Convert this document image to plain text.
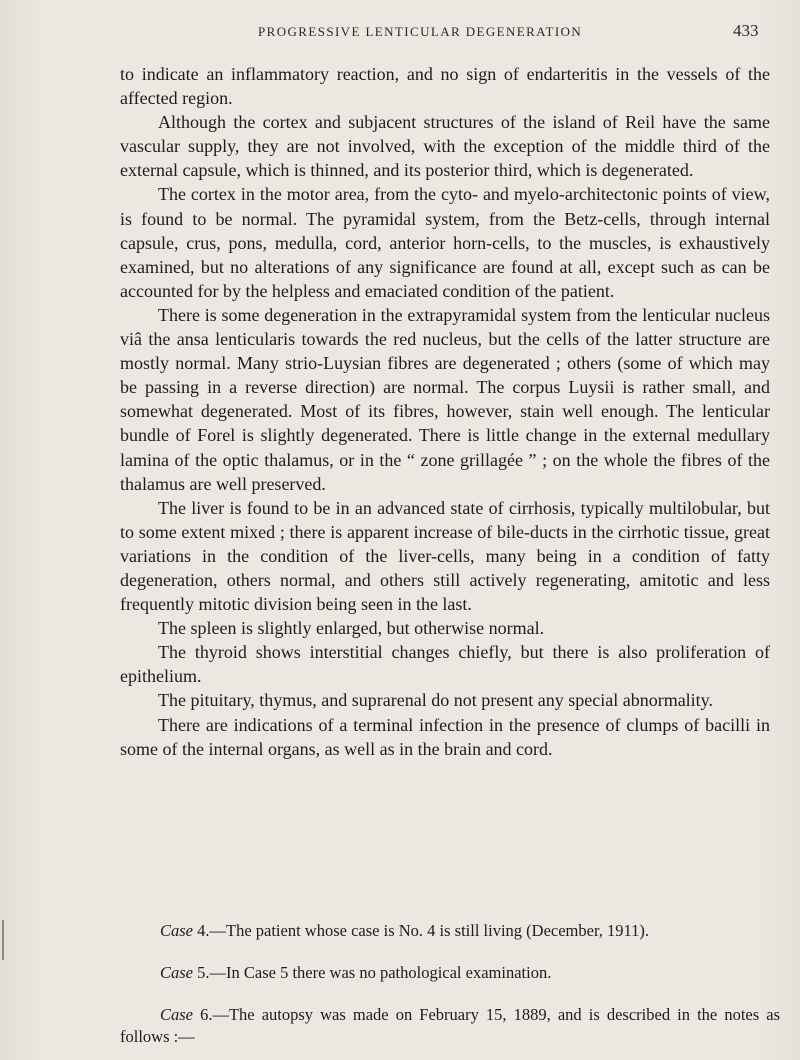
PROGRESSIVE LENTICULAR DEGENERATION	433

to indicate an inflammatory reaction, and no sign of endarteritis in the vessels of the affected region.

Although the cortex and subjacent structures of the island of Reil have the same vascular supply, they are not involved, with the exception of the middle third of the external capsule, which is thinned, and its posterior third, which is degenerated.

The cortex in the motor area, from the cyto- and myelo-architectonic points of view, is found to be normal. The pyramidal system, from the Betz-cells, through internal capsule, crus, pons, medulla, cord, anterior horn-cells, to the muscles, is exhaustively examined, but no alterations of any significance are found at all, except such as can be accounted for by the helpless and emaciated condition of the patient.

There is some degeneration in the extrapyramidal system from the lenticular nucleus viâ the ansa lenticularis towards the red nucleus, but the cells of the latter structure are mostly normal. Many strio-Luysian fibres are degenerated ; others (some of which may be passing in a reverse direction) are normal. The corpus Luysii is rather small, and somewhat degenerated. Most of its fibres, however, stain well enough. The lenticular bundle of Forel is slightly degenerated. There is little change in the external medullary lamina of the optic thalamus, or in the “ zone grillagée ” ; on the whole the fibres of the thalamus are well preserved.

The liver is found to be in an advanced state of cirrhosis, typically multilobular, but to some extent mixed ; there is apparent increase of bile-ducts in the cirrhotic tissue, great variations in the condition of the liver-cells, many being in a condition of fatty degeneration, others normal, and others still actively regenerating, amitotic and less frequently mitotic division being seen in the last.

The spleen is slightly enlarged, but otherwise normal.

The thyroid shows interstitial changes chiefly, but there is also proliferation of epithelium.

The pituitary, thymus, and suprarenal do not present any special abnormality.

There are indications of a terminal infection in the presence of clumps of bacilli in some of the internal organs, as well as in the brain and cord.

Case 4.—The patient whose case is No. 4 is still living (December, 1911).

Case 5.—In Case 5 there was no pathological examination.

Case 6.—The autopsy was made on February 15, 1889, and is described in the notes as follows :—
